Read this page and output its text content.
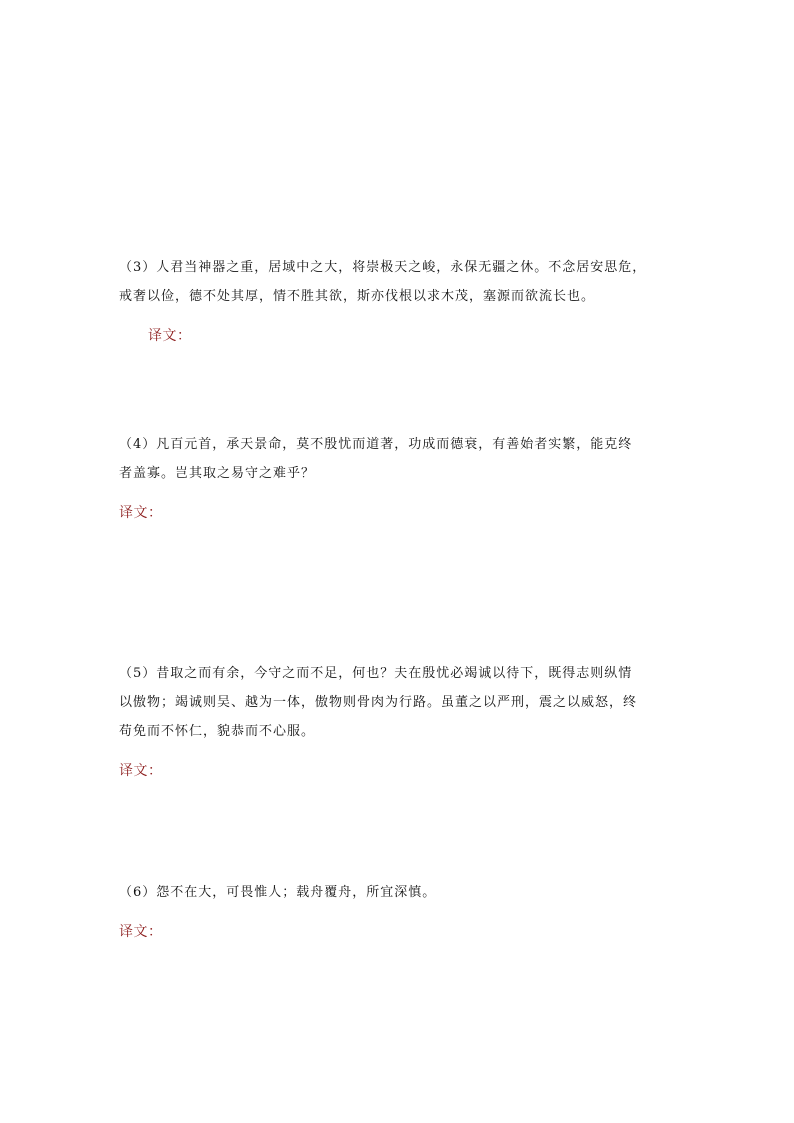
（3）人君当神器之重，居域中之大，将崇极天之峻，永保无疆之休。不念居安思危，
戒奢以俭，德不处其厚，情不胜其欲，斯亦伐根以求木茂，塞源而欲流长也。
译文：
（4）凡百元首，承天景命，莫不殷忧而道著，功成而德衰，有善始者实繁，能克终
者盖寡。岂其取之易守之难乎？
译文：
（5）昔取之而有余，今守之而不足，何也？夫在殷忧必竭诚以待下，既得志则纵情
以傲物；竭诚则吴、越为一体，傲物则骨肉为行路。虽董之以严刑，震之以威怒，终
苟免而不怀仁，貌恭而不心服。
译文：
（6）怨不在大，可畏惟人；载舟覆舟，所宜深慎。
译文：
